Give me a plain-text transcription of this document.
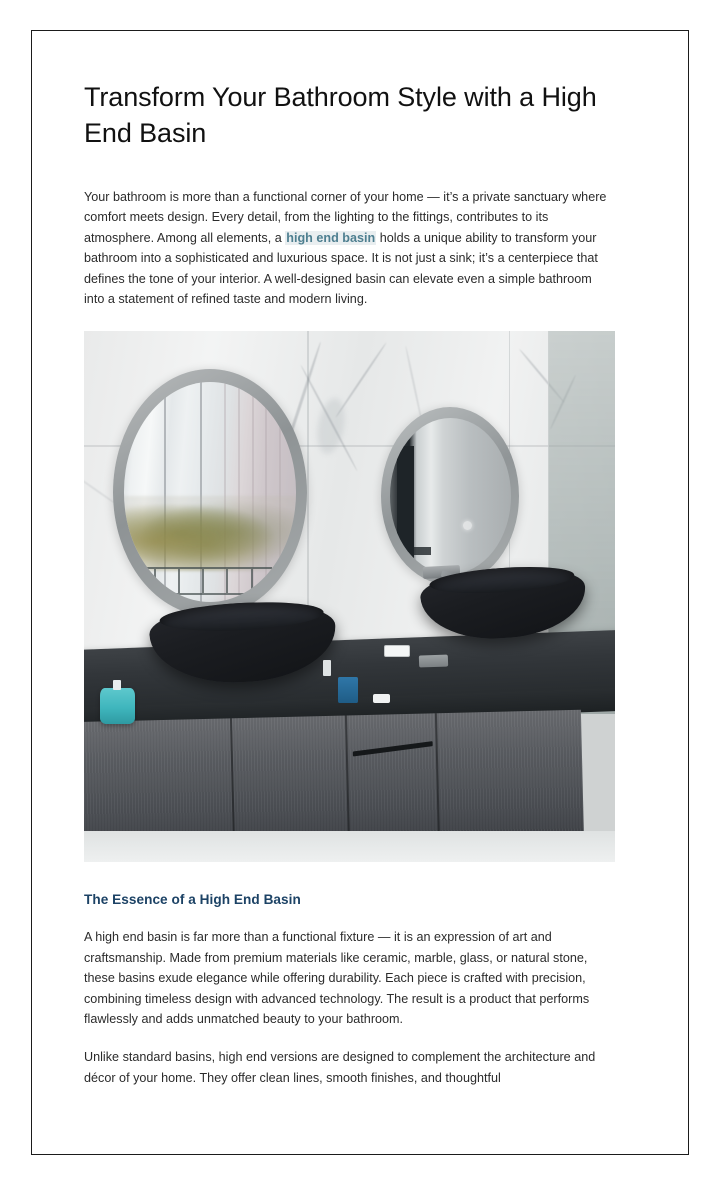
Transform Your Bathroom Style with a High End Basin

Your bathroom is more than a functional corner of your home — it’s a private sanctuary where comfort meets design. Every detail, from the lighting to the fittings, contributes to its atmosphere. Among all elements, a high end basin holds a unique ability to transform your bathroom into a sophisticated and luxurious space. It is not just a sink; it’s a centerpiece that defines the tone of your interior. A well-designed basin can elevate even a simple bathroom into a statement of refined taste and modern living.

The Essence of a High End Basin

A high end basin is far more than a functional fixture — it is an expression of art and craftsmanship. Made from premium materials like ceramic, marble, glass, or natural stone, these basins exude elegance while offering durability. Each piece is crafted with precision, combining timeless design with advanced technology. The result is a product that performs flawlessly and adds unmatched beauty to your bathroom.

Unlike standard basins, high end versions are designed to complement the architecture and décor of your home. They offer clean lines, smooth finishes, and thoughtful
